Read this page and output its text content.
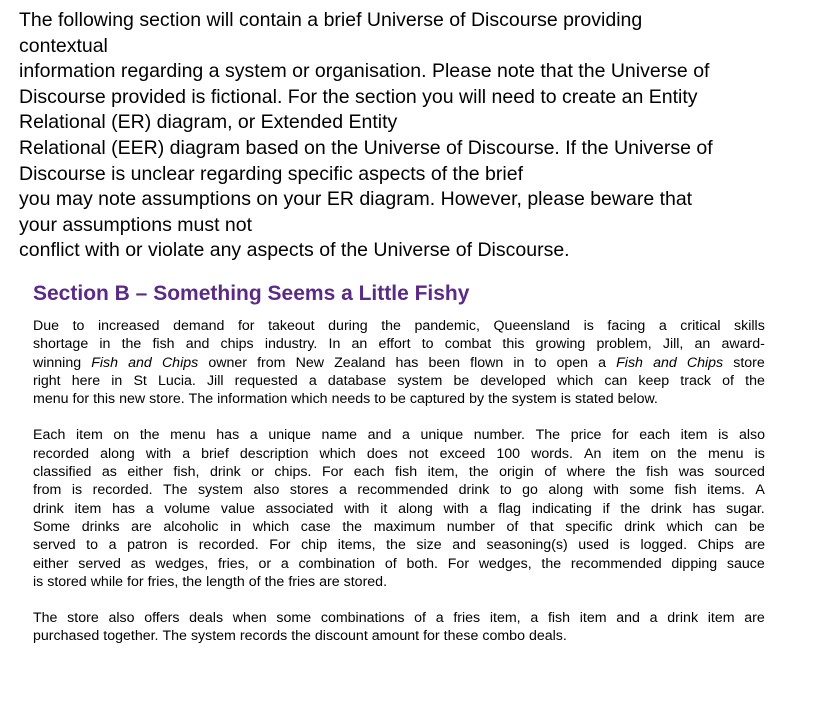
The following section will contain a brief Universe of Discourse providing
contextual
information regarding a system or organisation. Please note that the Universe of
Discourse provided is fictional. For the section you will need to create an Entity
Relational (ER) diagram, or Extended Entity
Relational (EER) diagram based on the Universe of Discourse. If the Universe of
Discourse is unclear regarding specific aspects of the brief
you may note assumptions on your ER diagram. However, please beware that
your assumptions must not
conflict with or violate any aspects of the Universe of Discourse.
Section B – Something Seems a Little Fishy
Due to increased demand for takeout during the pandemic, Queensland is facing a critical skills
shortage in the fish and chips industry. In an effort to combat this growing problem, Jill, an award-
winning Fish and Chips owner from New Zealand has been flown in to open a Fish and Chips store
right here in St Lucia. Jill requested a database system be developed which can keep track of the
menu for this new store. The information which needs to be captured by the system is stated below.
Each item on the menu has a unique name and a unique number. The price for each item is also
recorded along with a brief description which does not exceed 100 words. An item on the menu is
classified as either fish, drink or chips. For each fish item, the origin of where the fish was sourced
from is recorded. The system also stores a recommended drink to go along with some fish items. A
drink item has a volume value associated with it along with a flag indicating if the drink has sugar.
Some drinks are alcoholic in which case the maximum number of that specific drink which can be
served to a patron is recorded. For chip items, the size and seasoning(s) used is logged. Chips are
either served as wedges, fries, or a combination of both. For wedges, the recommended dipping sauce
is stored while for fries, the length of the fries are stored.
The store also offers deals when some combinations of a fries item, a fish item and a drink item are
purchased together. The system records the discount amount for these combo deals.
